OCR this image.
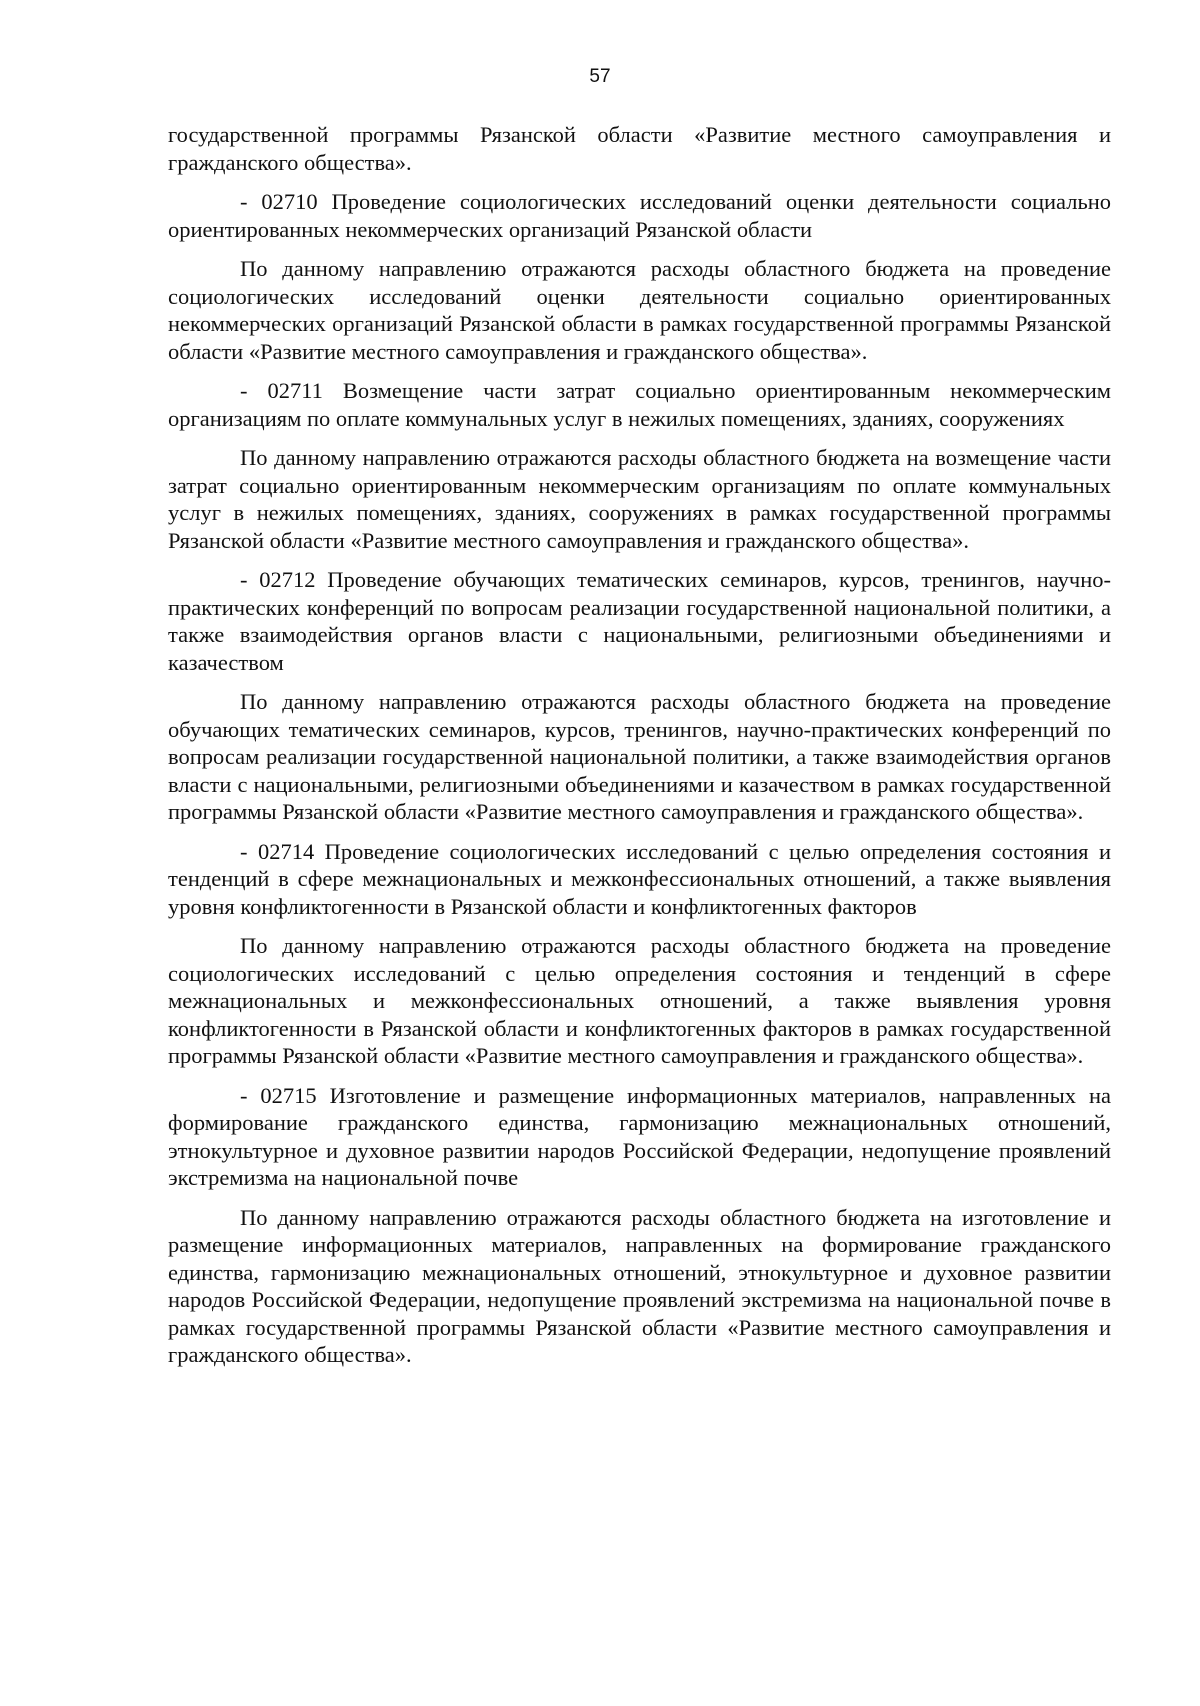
57

государственной программы Рязанской области «Развитие местного самоуправления и гражданского общества».

- 02710 Проведение социологических исследований оценки деятельности социально ориентированных некоммерческих организаций Рязанской области

По данному направлению отражаются расходы областного бюджета на проведение социологических исследований оценки деятельности социально ориентированных некоммерческих организаций Рязанской области в рамках государственной программы Рязанской области «Развитие местного самоуправления и гражданского общества».

- 02711 Возмещение части затрат социально ориентированным некоммерческим организациям по оплате коммунальных услуг в нежилых помещениях, зданиях, сооружениях

По данному направлению отражаются расходы областного бюджета на возмещение части затрат социально ориентированным некоммерческим организациям по оплате коммунальных услуг в нежилых помещениях, зданиях, сооружениях в рамках государственной программы Рязанской области «Развитие местного самоуправления и гражданского общества».

- 02712 Проведение обучающих тематических семинаров, курсов, тренингов, научно-практических конференций по вопросам реализации государственной национальной политики, а также взаимодействия органов власти с национальными, религиозными объединениями и казачеством

По данному направлению отражаются расходы областного бюджета на проведение обучающих тематических семинаров, курсов, тренингов, научно-практических конференций по вопросам реализации государственной национальной политики, а также взаимодействия органов власти с национальными, религиозными объединениями и казачеством в рамках государственной программы Рязанской области «Развитие местного самоуправления и гражданского общества».

- 02714 Проведение социологических исследований с целью определения состояния и тенденций в сфере межнациональных и межконфессиональных отношений, а также выявления уровня конфликтогенности в Рязанской области и конфликтогенных факторов

По данному направлению отражаются расходы областного бюджета на проведение социологических исследований с целью определения состояния и тенденций в сфере межнациональных и межконфессиональных отношений, а также выявления уровня конфликтогенности в Рязанской области и конфликтогенных факторов в рамках государственной программы Рязанской области «Развитие местного самоуправления и гражданского общества».

- 02715 Изготовление и размещение информационных материалов, направленных на формирование гражданского единства, гармонизацию межнациональных отношений, этнокультурное и духовное развитии народов Российской Федерации, недопущение проявлений экстремизма на национальной почве

По данному направлению отражаются расходы областного бюджета на изготовление и размещение информационных материалов, направленных на формирование гражданского единства, гармонизацию межнациональных отношений, этнокультурное и духовное развитии народов Российской Федерации, недопущение проявлений экстремизма на национальной почве в рамках государственной программы Рязанской области «Развитие местного самоуправления и гражданского общества».
